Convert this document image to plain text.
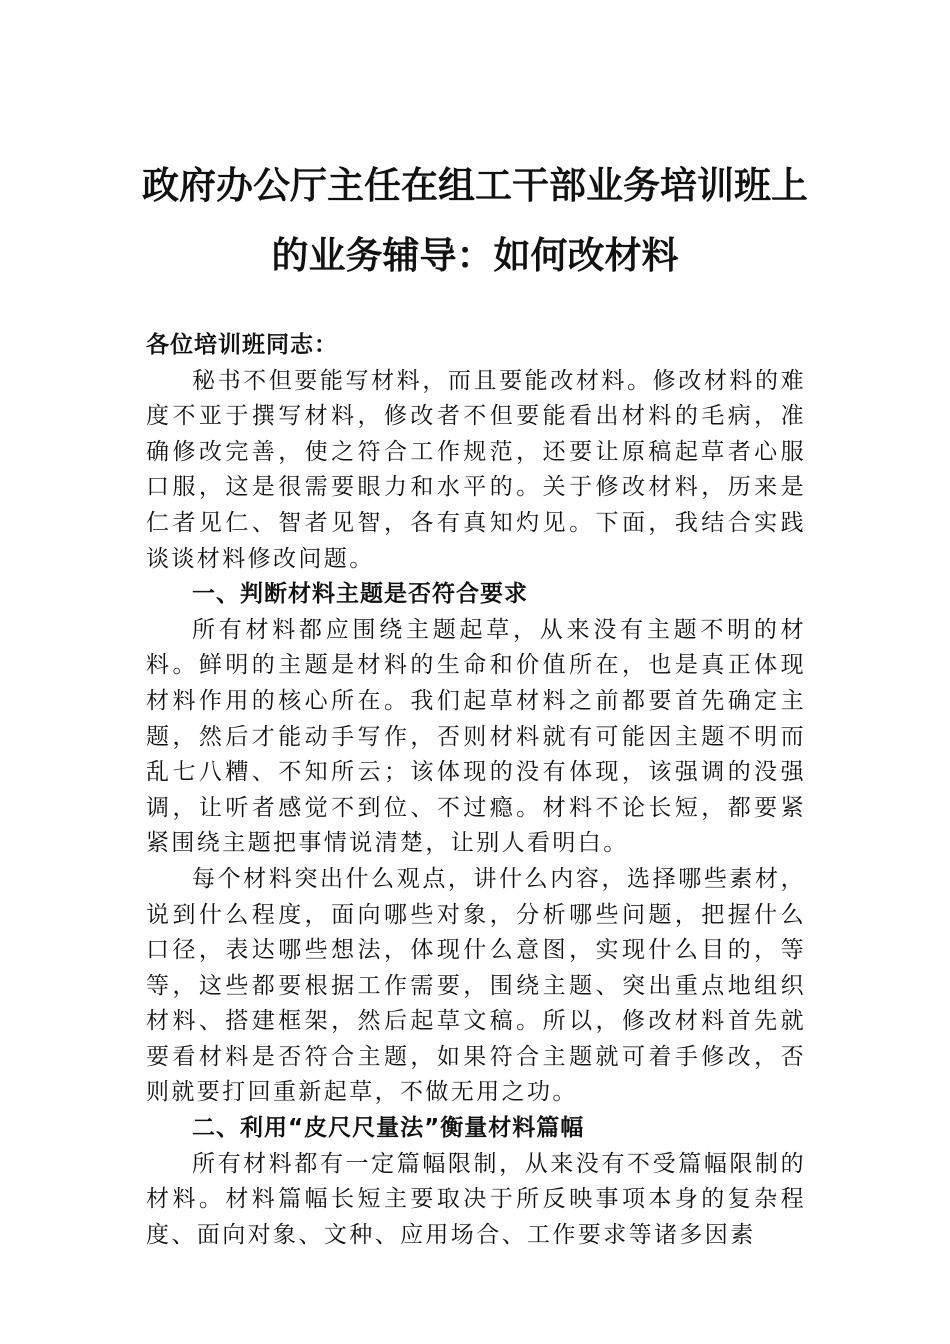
政府办公厅主任在组工干部业务培训班上
的业务辅导：如何改材料

各位培训班同志：

秘书不但要能写材料，而且要能改材料。修改材料的难度不亚于撰写材料，修改者不但要能看出材料的毛病，准确修改完善，使之符合工作规范，还要让原稿起草者心服口服，这是很需要眼力和水平的。关于修改材料，历来是仁者见仁、智者见智，各有真知灼见。下面，我结合实践谈谈材料修改问题。

一、判断材料主题是否符合要求

所有材料都应围绕主题起草，从来没有主题不明的材料。鲜明的主题是材料的生命和价值所在，也是真正体现材料作用的核心所在。我们起草材料之前都要首先确定主题，然后才能动手写作，否则材料就有可能因主题不明而乱七八糟、不知所云；该体现的没有体现，该强调的没强调，让听者感觉不到位、不过瘾。材料不论长短，都要紧紧围绕主题把事情说清楚，让别人看明白。

每个材料突出什么观点，讲什么内容，选择哪些素材，说到什么程度，面向哪些对象，分析哪些问题，把握什么口径，表达哪些想法，体现什么意图，实现什么目的，等等，这些都要根据工作需要，围绕主题、突出重点地组织材料、搭建框架，然后起草文稿。所以，修改材料首先就要看材料是否符合主题，如果符合主题就可着手修改，否则就要打回重新起草，不做无用之功。

二、利用“皮尺尺量法”衡量材料篇幅

所有材料都有一定篇幅限制，从来没有不受篇幅限制的材料。材料篇幅长短主要取决于所反映事项本身的复杂程度、面向对象、文种、应用场合、工作要求等诸多因素
